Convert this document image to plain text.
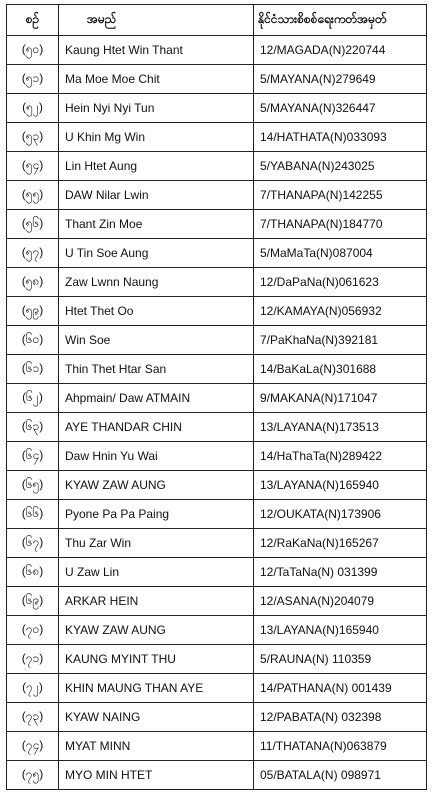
စဉ်	အမည်	နိုင်ငံသားစိစစ်ရေးကတ်အမှတ်
(၅၀)	Kaung Htet Win Thant	12/MAGADA(N)220744
(၅၁)	Ma Moe Moe Chit	5/MAYANA(N)279649
(၅၂)	Hein Nyi Nyi Tun	5/MAYANA(N)326447
(၅၃)	U Khin Mg Win	14/HATHATA(N)033093
(၅၄)	Lin Htet Aung	5/YABANA(N)243025
(၅၅)	DAW Nilar Lwin	7/THANAPA(N)142255
(၅၆)	Thant Zin Moe	7/THANAPA(N)184770
(၅၇)	U Tin Soe Aung	5/MaMaTa(N)087004
(၅၈)	Zaw Lwnn Naung	12/DaPaNa(N)061623
(၅၉)	Htet Thet Oo	12/KAMAYA(N)056932
(၆၀)	Win Soe	7/PaKhaNa(N)392181
(၆၁)	Thin Thet Htar San	14/BaKaLa(N)301688
(၆၂)	Ahpmain/ Daw ATMAIN	9/MAKANA(N)171047
(၆၃)	AYE THANDAR CHIN	13/LAYANA(N)173513
(၆၄)	Daw Hnin Yu Wai	14/HaThaTa(N)289422
(၆၅)	KYAW ZAW AUNG	13/LAYANA(N)165940
(၆၆)	Pyone Pa Pa Paing	12/OUKATA(N)173906
(၆၇)	Thu Zar Win	12/RaKaNa(N)165267
(၆၈)	U Zaw Lin	12/TaTaNa(N) 031399
(၆၉)	ARKAR HEIN	12/ASANA(N)204079
(၇၀)	KYAW ZAW AUNG	13/LAYANA(N)165940
(၇၁)	KAUNG MYINT THU	5/RAUNA(N) 110359
(၇၂)	KHIN MAUNG THAN AYE	14/PATHANA(N) 001439
(၇၃)	KYAW NAING	12/PABATA(N) 032398
(၇၄)	MYAT MINN	11/THATANA(N)063879
(၇၅)	MYO MIN HTET	05/BATALA(N) 098971
